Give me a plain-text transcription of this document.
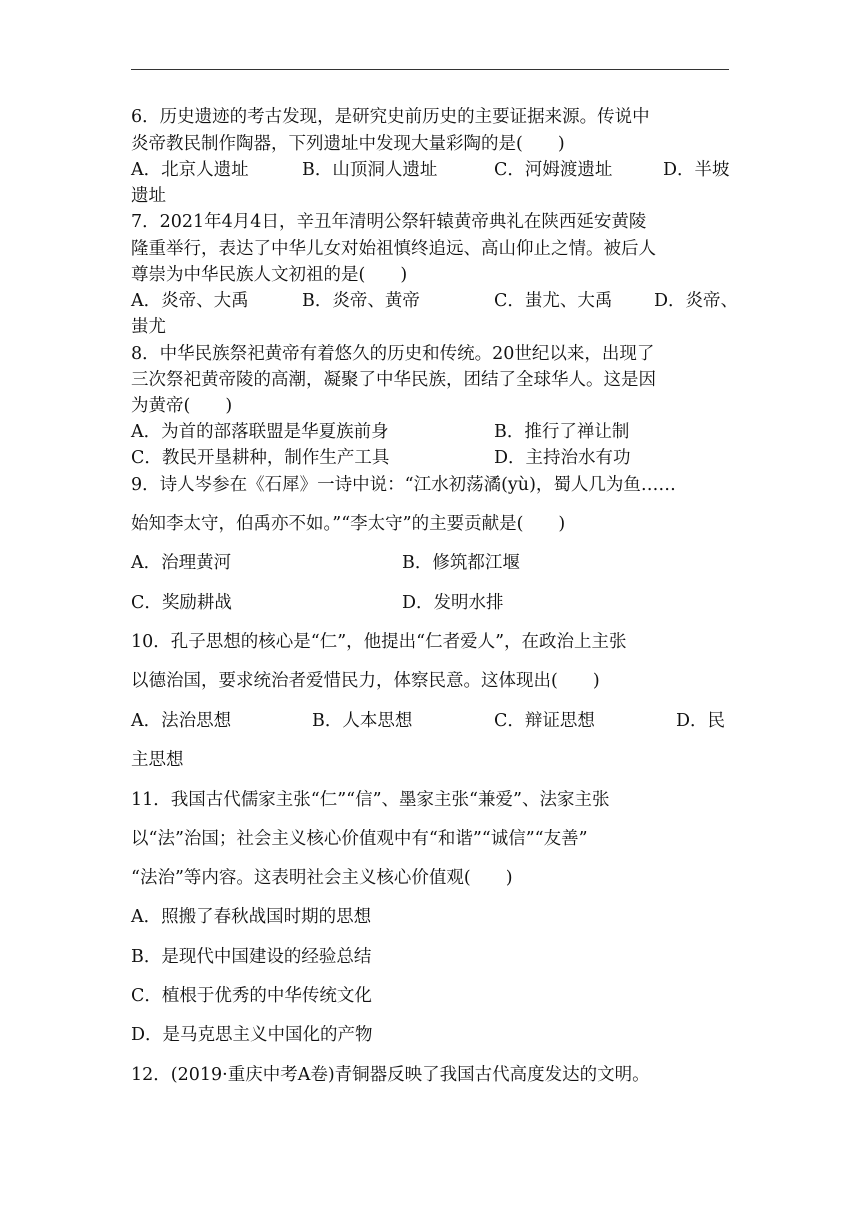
6．历史遗迹的考古发现，是研究史前历史的主要证据来源。传说中
炎帝教民制作陶器，下列遗址中发现大量彩陶的是(　　)
A．北京人遗址	B．山顶洞人遗址	C．河姆渡遗址	D．半坡
遗址
7．2021年4月4日，辛丑年清明公祭轩辕黄帝典礼在陕西延安黄陵
隆重举行，表达了中华儿女对始祖慎终追远、高山仰止之情。被后人
尊崇为中华民族人文初祖的是(　　)
A．炎帝、大禹	B．炎帝、黄帝	C．蚩尤、大禹 D．炎帝、
蚩尤
8．中华民族祭祀黄帝有着悠久的历史和传统。20世纪以来，出现了
三次祭祀黄帝陵的高潮，凝聚了中华民族，团结了全球华人。这是因
为黄帝(　　)
A．为首的部落联盟是华夏族前身	B．推行了禅让制
C．教民开垦耕种，制作生产工具	D．主持治水有功
9．诗人岑参在《石犀》一诗中说：“江水初荡潏(yù)，蜀人几为鱼……
始知李太守，伯禹亦不如。”“李太守”的主要贡献是(　　)
A．治理黄河	B．修筑都江堰
C．奖励耕战	D．发明水排
10．孔子思想的核心是“仁”，他提出“仁者爱人”，在政治上主张
以德治国，要求统治者爱惜民力，体察民意。这体现出(　　)
A．法治思想	B．人本思想	C．辩证思想	D．民
主思想
11．我国古代儒家主张“仁”“信”、墨家主张“兼爱”、法家主张
以“法”治国；社会主义核心价值观中有“和谐”“诚信”“友善”
“法治”等内容。这表明社会主义核心价值观(　　)
A．照搬了春秋战国时期的思想
B．是现代中国建设的经验总结
C．植根于优秀的中华传统文化
D．是马克思主义中国化的产物
12．(2019·重庆中考A卷)青铜器反映了我国古代高度发达的文明。
